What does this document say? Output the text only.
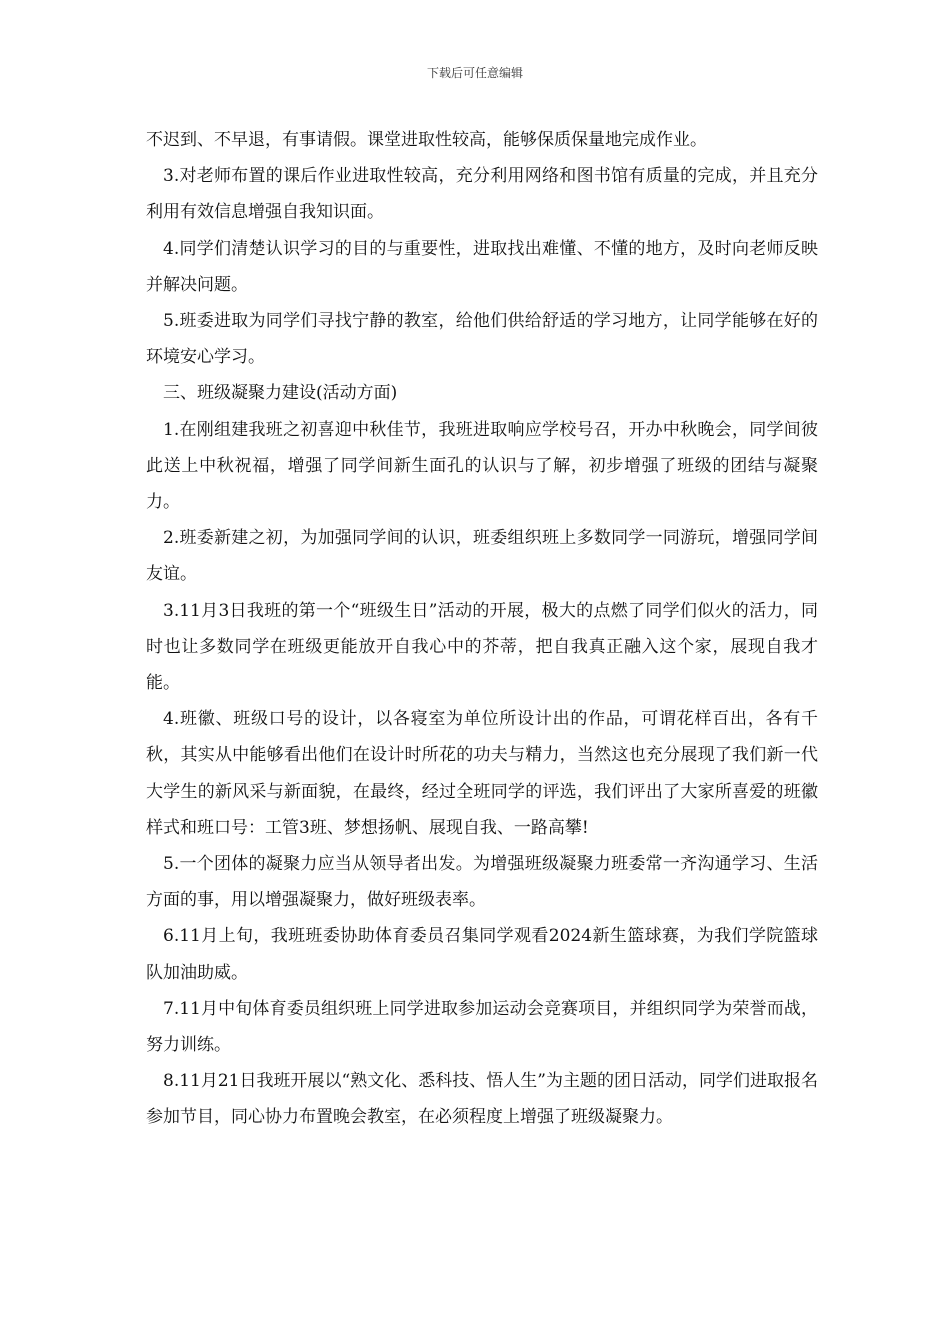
下载后可任意编辑

不迟到、不早退，有事请假。课堂进取性较高，能够保质保量地完成作业。

3.对老师布置的课后作业进取性较高，充分利用网络和图书馆有质量的完成，并且充分利用有效信息增强自我知识面。

4.同学们清楚认识学习的目的与重要性，进取找出难懂、不懂的地方，及时向老师反映并解决问题。

5.班委进取为同学们寻找宁静的教室，给他们供给舒适的学习地方，让同学能够在好的环境安心学习。

三、班级凝聚力建设(活动方面)

1.在刚组建我班之初喜迎中秋佳节，我班进取响应学校号召，开办中秋晚会，同学间彼此送上中秋祝福，增强了同学间新生面孔的认识与了解，初步增强了班级的团结与凝聚力。

2.班委新建之初，为加强同学间的认识，班委组织班上多数同学一同游玩，增强同学间友谊。

3.11月3日我班的第一个“班级生日”活动的开展，极大的点燃了同学们似火的活力，同时也让多数同学在班级更能放开自我心中的芥蒂，把自我真正融入这个家，展现自我才能。

4.班徽、班级口号的设计，以各寝室为单位所设计出的作品，可谓花样百出，各有千秋，其实从中能够看出他们在设计时所花的功夫与精力，当然这也充分展现了我们新一代大学生的新风采与新面貌，在最终，经过全班同学的评选，我们评出了大家所喜爱的班徽样式和班口号：工管3班、梦想扬帆、展现自我、一路高攀!

5.一个团体的凝聚力应当从领导者出发。为增强班级凝聚力班委常一齐沟通学习、生活方面的事，用以增强凝聚力，做好班级表率。

6.11月上旬，我班班委协助体育委员召集同学观看2024新生篮球赛，为我们学院篮球队加油助威。

7.11月中旬体育委员组织班上同学进取参加运动会竞赛项目，并组织同学为荣誉而战，努力训练。

8.11月21日我班开展以“熟文化、悉科技、悟人生”为主题的团日活动，同学们进取报名参加节目，同心协力布置晚会教室，在必须程度上增强了班级凝聚力。
